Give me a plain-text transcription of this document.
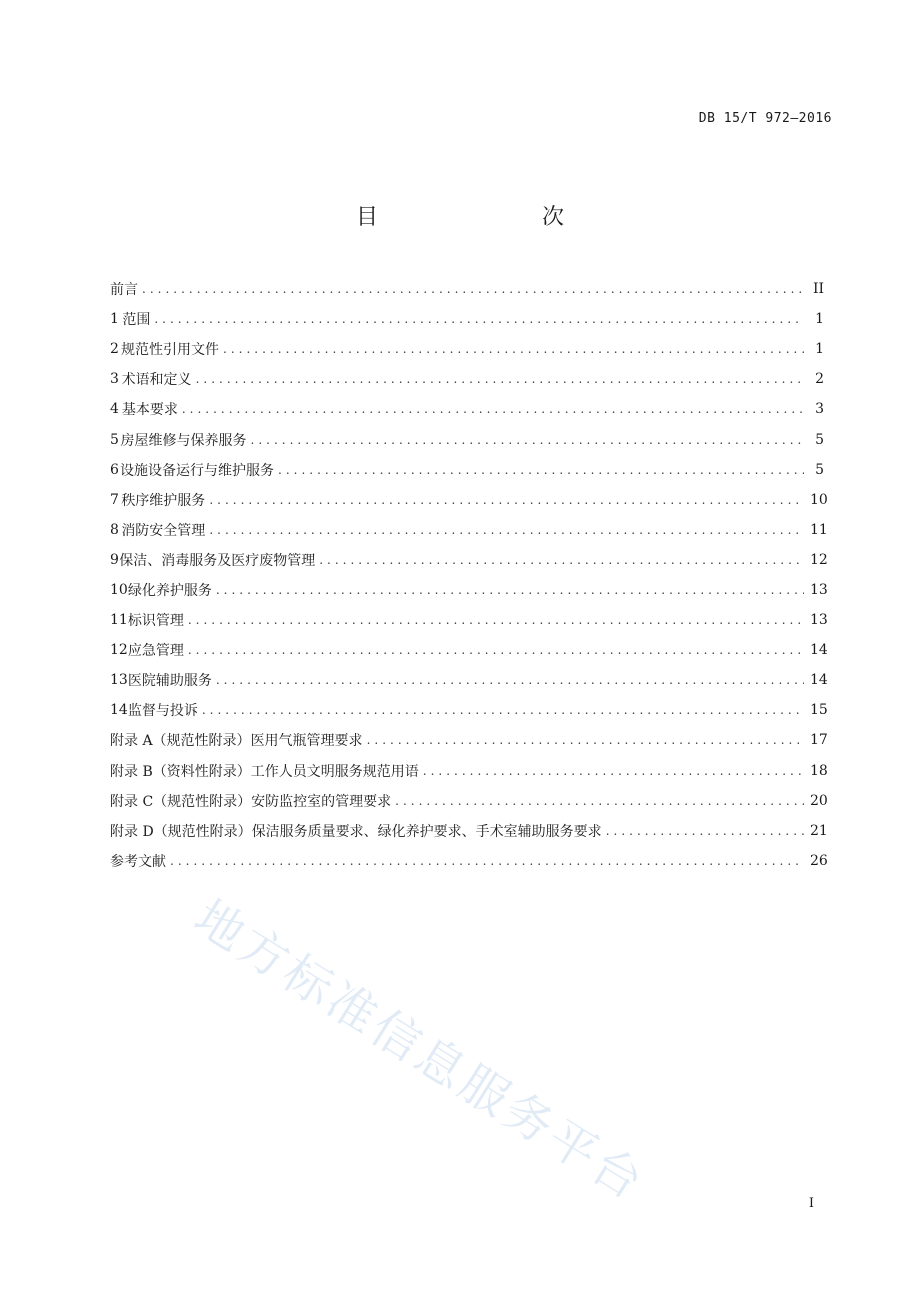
DB 15/T 972—2016
目　　次
前言 .....	II
1 范围 .....	1
2 规范性引用文件 .....	1
3 术语和定义 .....	2
4 基本要求 .....	3
5 房屋维修与保养服务 .....	5
6 设施设备运行与维护服务 .....	5
7 秩序维护服务 .....	10
8 消防安全管理 .....	11
9 保洁、消毒服务及医疗废物管理 .....	12
10 绿化养护服务 .....	13
11 标识管理 .....	13
12 应急管理 .....	14
13 医院辅助服务 .....	14
14 监督与投诉 .....	15
附录 A（规范性附录） 医用气瓶管理要求 .....	17
附录 B（资料性附录） 工作人员文明服务规范用语 .....	18
附录 C（规范性附录） 安防监控室的管理要求 .....	20
附录 D（规范性附录） 保洁服务质量要求、绿化养护要求、手术室辅助服务要求 .....	21
参考文献 .....	26
地方标准信息服务平台	I
